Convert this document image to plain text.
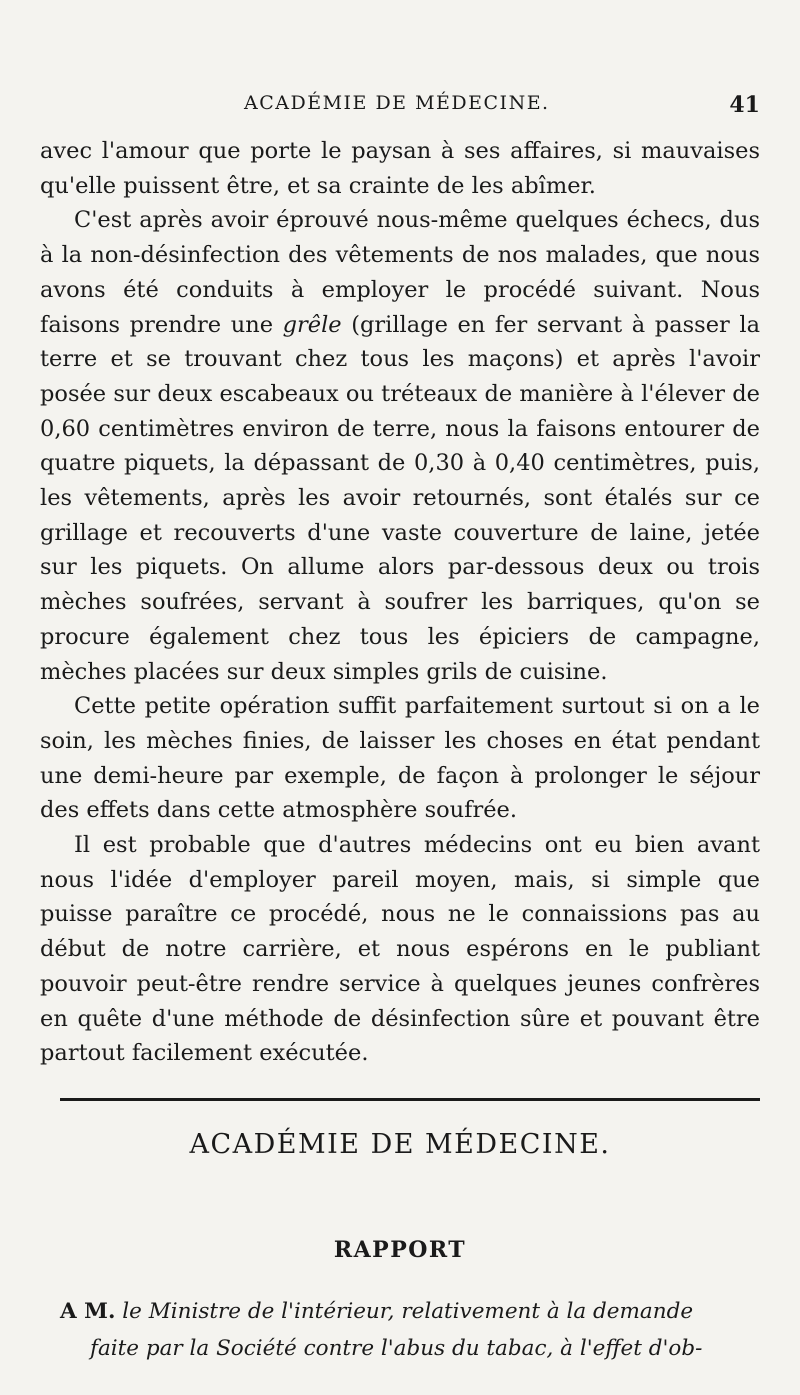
ACADÉMIE DE MÉDECINE.	41

avec l'amour que porte le paysan à ses affaires, si mauvaises qu'elle puissent être, et sa crainte de les abîmer.

C'est après avoir éprouvé nous-même quelques échecs, dus à la non-désinfection des vêtements de nos malades, que nous avons été conduits à employer le procédé suivant. Nous faisons prendre une grêle (grillage en fer servant à passer la terre et se trouvant chez tous les maçons) et après l'avoir posée sur deux escabeaux ou tréteaux de manière à l'élever de 0,60 centimètres environ de terre, nous la faisons entourer de quatre piquets, la dépassant de 0,30 à 0,40 centimètres, puis, les vêtements, après les avoir retournés, sont étalés sur ce grillage et recouverts d'une vaste couverture de laine, jetée sur les piquets. On allume alors par-dessous deux ou trois mèches soufrées, servant à soufrer les barriques, qu'on se procure également chez tous les épiciers de campagne, mèches placées sur deux simples grils de cuisine.

Cette petite opération suffit parfaitement surtout si on a le soin, les mèches finies, de laisser les choses en état pendant une demi-heure par exemple, de façon à prolonger le séjour des effets dans cette atmosphère soufrée.

Il est probable que d'autres médecins ont eu bien avant nous l'idée d'employer pareil moyen, mais, si simple que puisse paraître ce procédé, nous ne le connaissions pas au début de notre carrière, et nous espérons en le publiant pouvoir peut-être rendre service à quelques jeunes confrères en quête d'une méthode de désinfection sûre et pouvant être partout facilement exécutée.

ACADÉMIE DE MÉDECINE.
RAPPORT
A M. le Ministre de l'intérieur, relativement à la demande
faite par la Société contre l'abus du tabac, à l'effet d'ob-
